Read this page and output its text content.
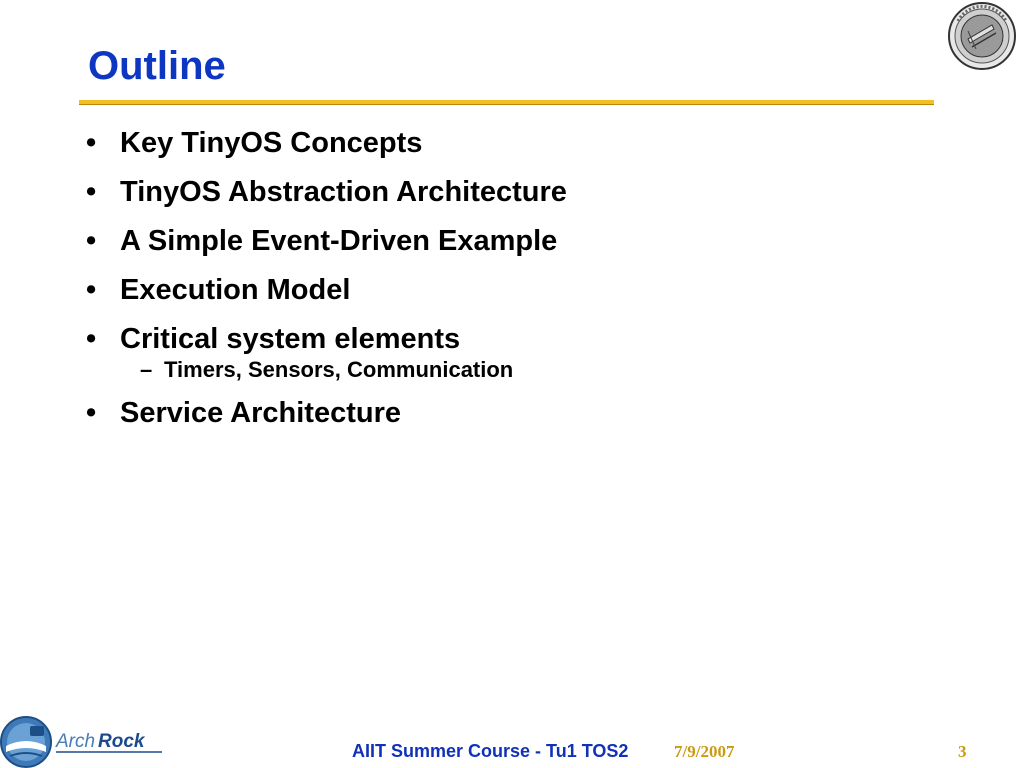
Outline
• Key TinyOS Concepts
• TinyOS Abstraction Architecture
• A Simple Event-Driven Example
• Execution Model
• Critical system elements
– Timers, Sensors, Communication
• Service Architecture
Arch Rock	AIIT Summer Course - Tu1 TOS2	7/9/2007	3
